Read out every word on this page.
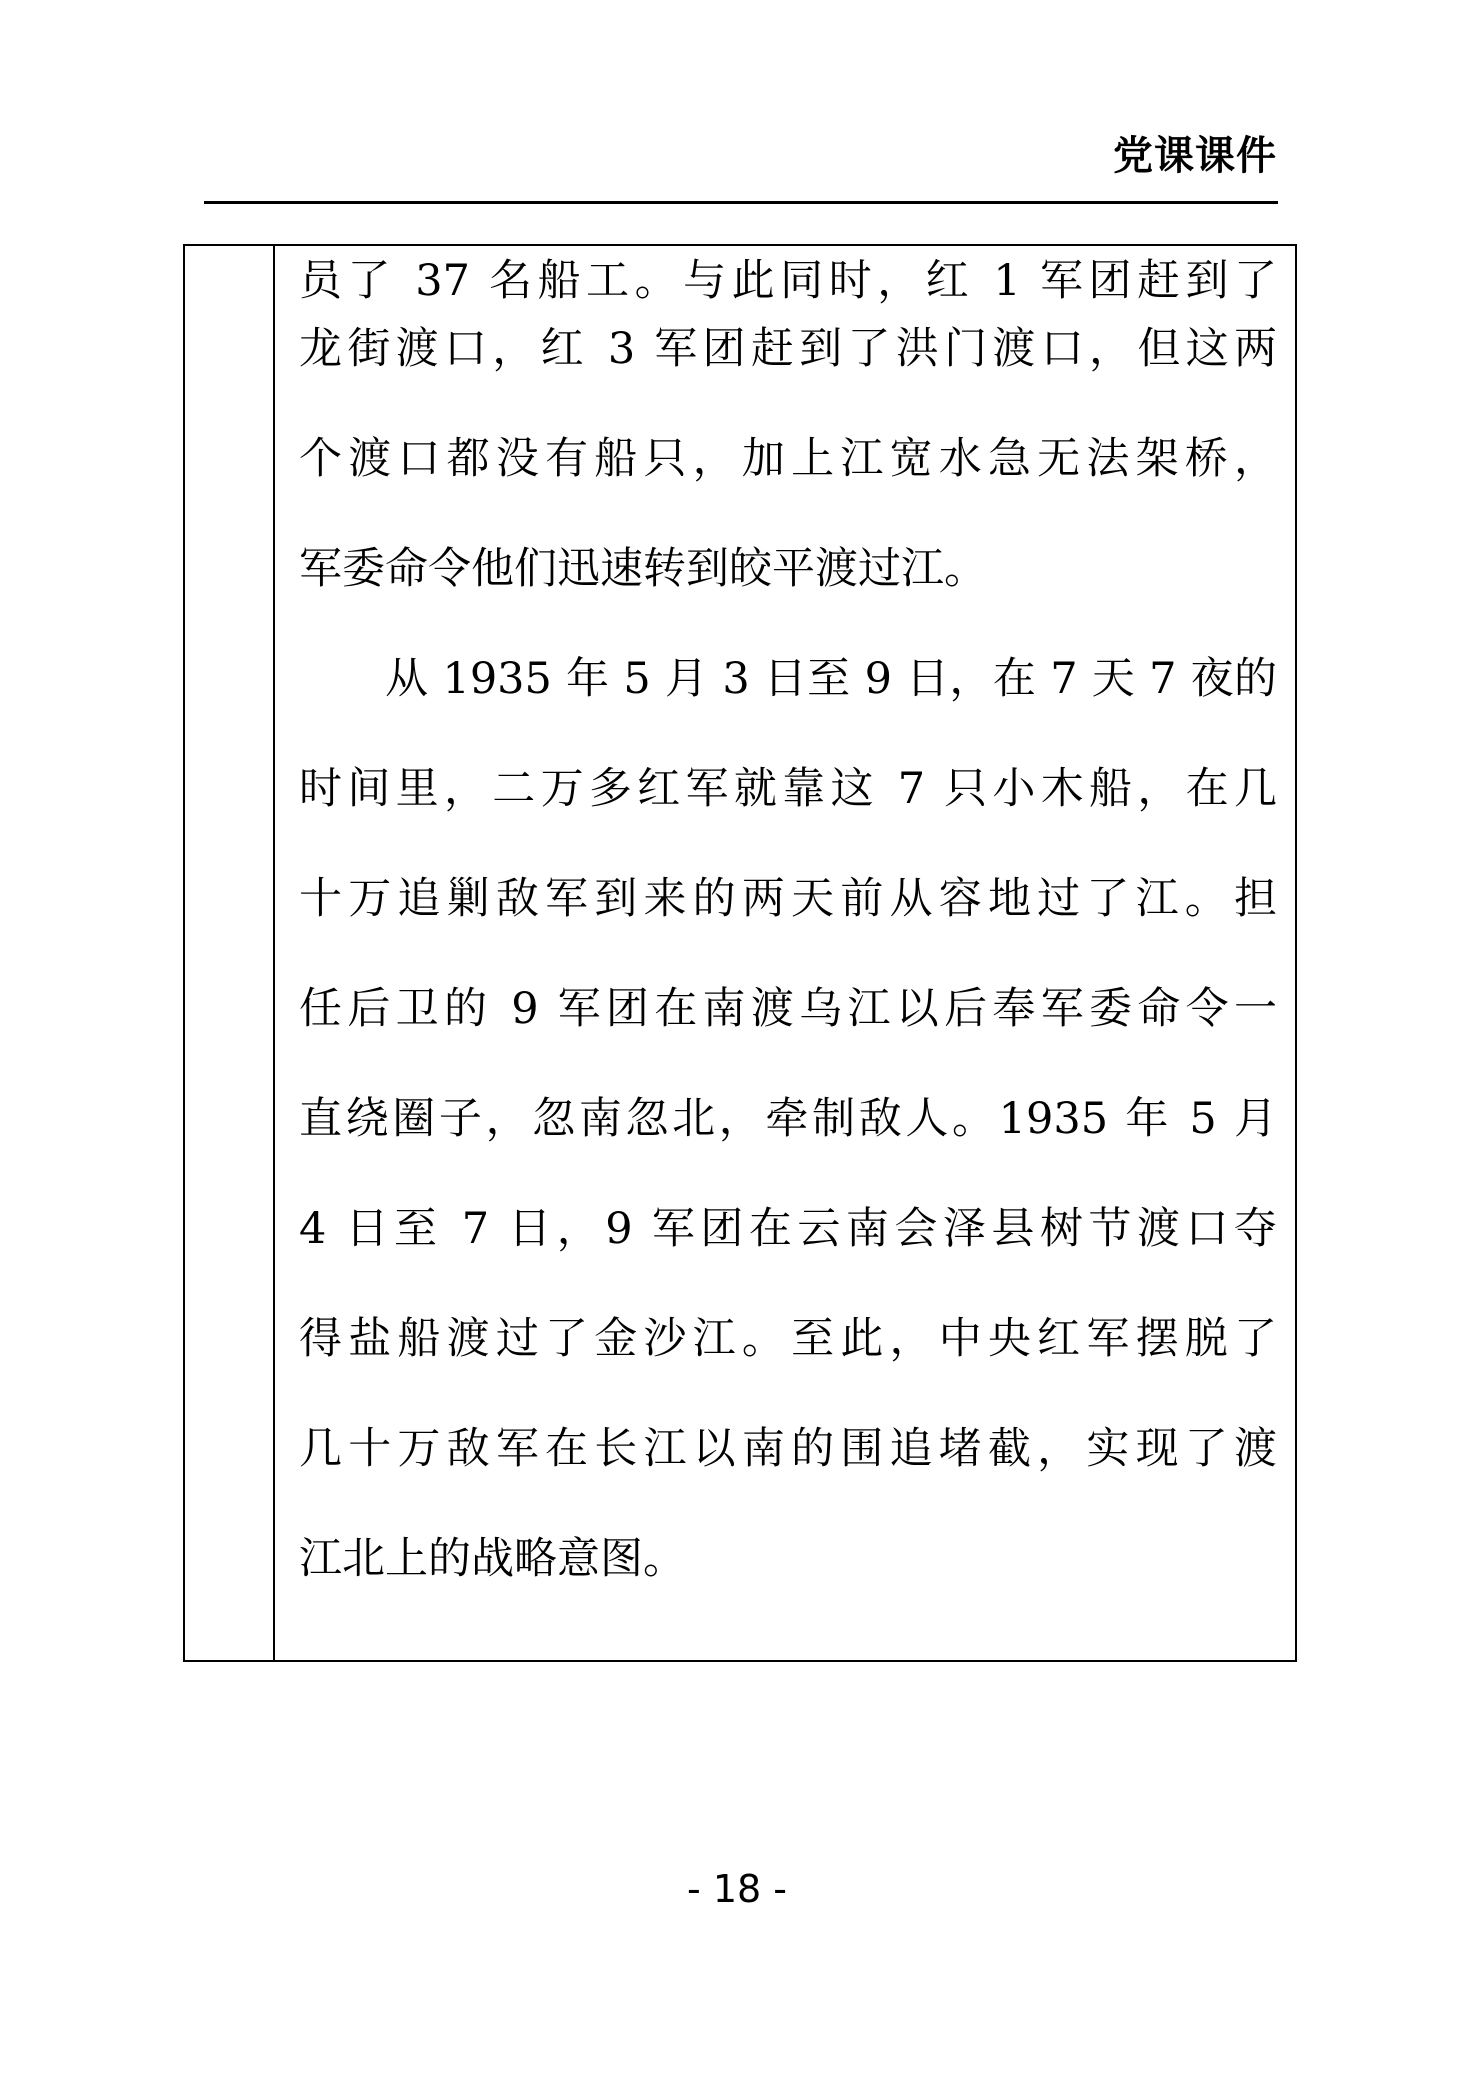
党课课件
员了 37 名船工。与此同时，红 1 军团赶到了
龙街渡口，红 3 军团赶到了洪门渡口，但这两
个渡口都没有船只，加上江宽水急无法架桥，
军委命令他们迅速转到皎平渡过江。
从 1935 年 5 月 3 日至 9 日，在 7 天 7 夜的
时间里，二万多红军就靠这 7 只小木船，在几
十万追剿敌军到来的两天前从容地过了江。担
任后卫的 9 军团在南渡乌江以后奉军委命令一
直绕圈子，忽南忽北，牵制敌人。1935 年 5 月
4 日至 7 日，9 军团在云南会泽县树节渡口夺
得盐船渡过了金沙江。至此，中央红军摆脱了
几十万敌军在长江以南的围追堵截，实现了渡
江北上的战略意图。
- 18 -
